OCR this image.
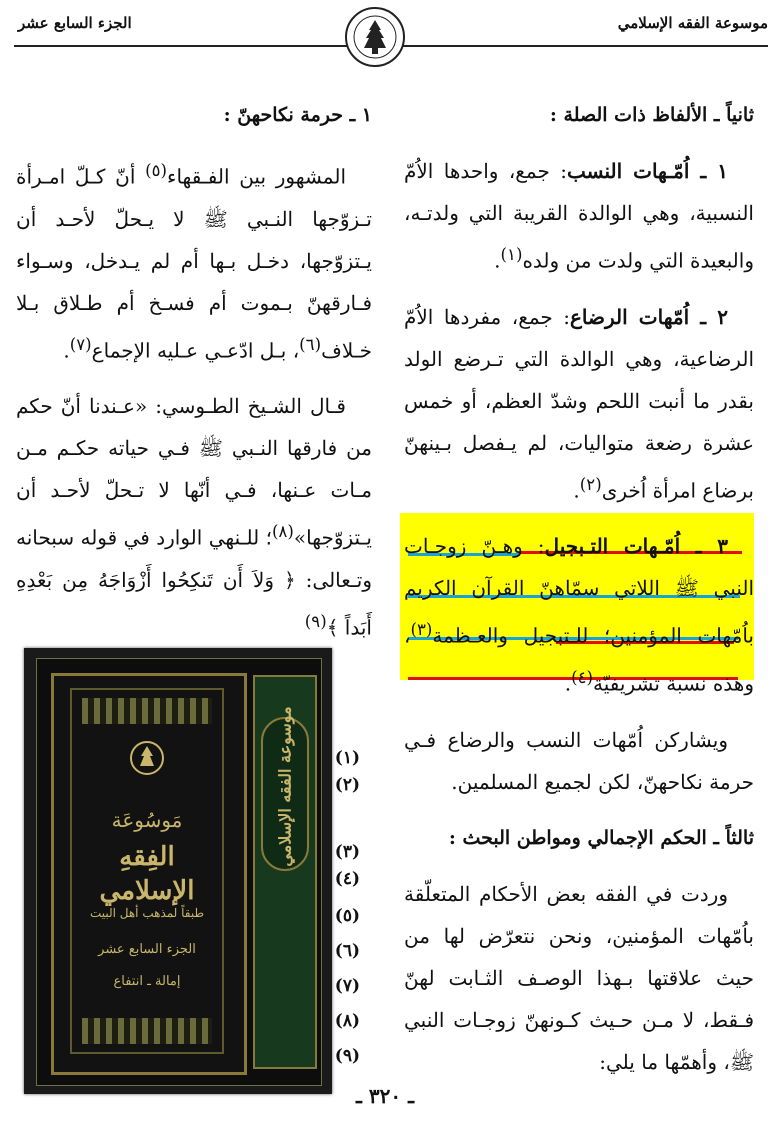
موسوعة الفقه الإسلامي
الجزء السابع عشر

ثانياً ـ الألفاظ ذات الصلة :

١ ـ اُمّـهات النسب: جمع، واحدها الاُمّ النسبية، وهي الوالدة القريبة التي ولدتـه، والبعيدة التي ولدت من ولده$^{(١)}$.

٢ ـ اُمّهات الرضاع: جمع، مفردها الاُمّ الرضاعية، وهي الوالدة التي تـرضع الولد بقدر ما أنبت اللحم وشدّ العظم، أو خمس عشرة رضعة متواليات، لم يـفصل بـينهنّ برضاع امرأة اُخرى$^{(٢)}$.

٣ ـ اُمّـهات التـبجيل: وهـنّ زوجـات النبي ﷺ اللاتي سمّاهنّ القرآن الكريم باُمّهات المؤمنين؛ للـتبجيل والعـظمة$^{(٣)}$، وهذه نسبة تشريفيّة$^{(٤)}$.

ويشاركن اُمّهات النسب والرضاع فـي حرمة نكاحهنّ، لكن لجميع المسلمين.

ثالثاً ـ الحكم الإجمالي ومواطن البحث :

وردت في الفقه بعض الأحكام المتعلّقة باُمّهات المؤمنين، ونحن نتعرّض لها من حيث علاقتها بـهذا الوصـف الثـابت لهنّ فـقط، لا مـن حـيث كـونهنّ زوجـات النبي ﷺ، وأهمّها ما يلي:

١ ـ حرمة نكاحهنّ :

المشهور بين الفـقهاء$^{(٥)}$ أنّ كـلّ امـرأة تـزوّجها النـبي ﷺ لا يـحلّ لأحـد أن يـتزوّجها، دخـل بـها أم لم يـدخل، وسـواء فـارقهنّ بـموت أم فسـخ أم طـلاق بـلا خـلاف$^{(٦)}$، بـل ادّعـي عـليه الإجماع$^{(٧)}$.

قـال الشـيخ الطـوسي: «عـندنا أنّ حكم من فارقها النـبي ﷺ فـي حياته حكـم مـن مـات عـنها، فـي أنّها لا تـحلّ لأحـد أن يـتزوّجها»$^{(٨)}$؛ للـنهي الوارد في قوله سبحانه وتـعالى: ﴿ وَلاَ أَن تَنكِحُوا أَزْوَاجَهُ مِن بَعْدِهِ أَبَداً ﴾$^{(٩)}$

(١)
(٢)
(٣)
(٤)
(٥)
(٦)
(٧)
(٨)
(٩)
مَوسُوعَة
الفِقهِ الإسلامي
طبقاً لمذهب أهل البيت
الجزء السابع عشر
إمالة ـ انتفاع
موسوعة الفقه الإسلامي
ـ ٣٢٠ ـ
